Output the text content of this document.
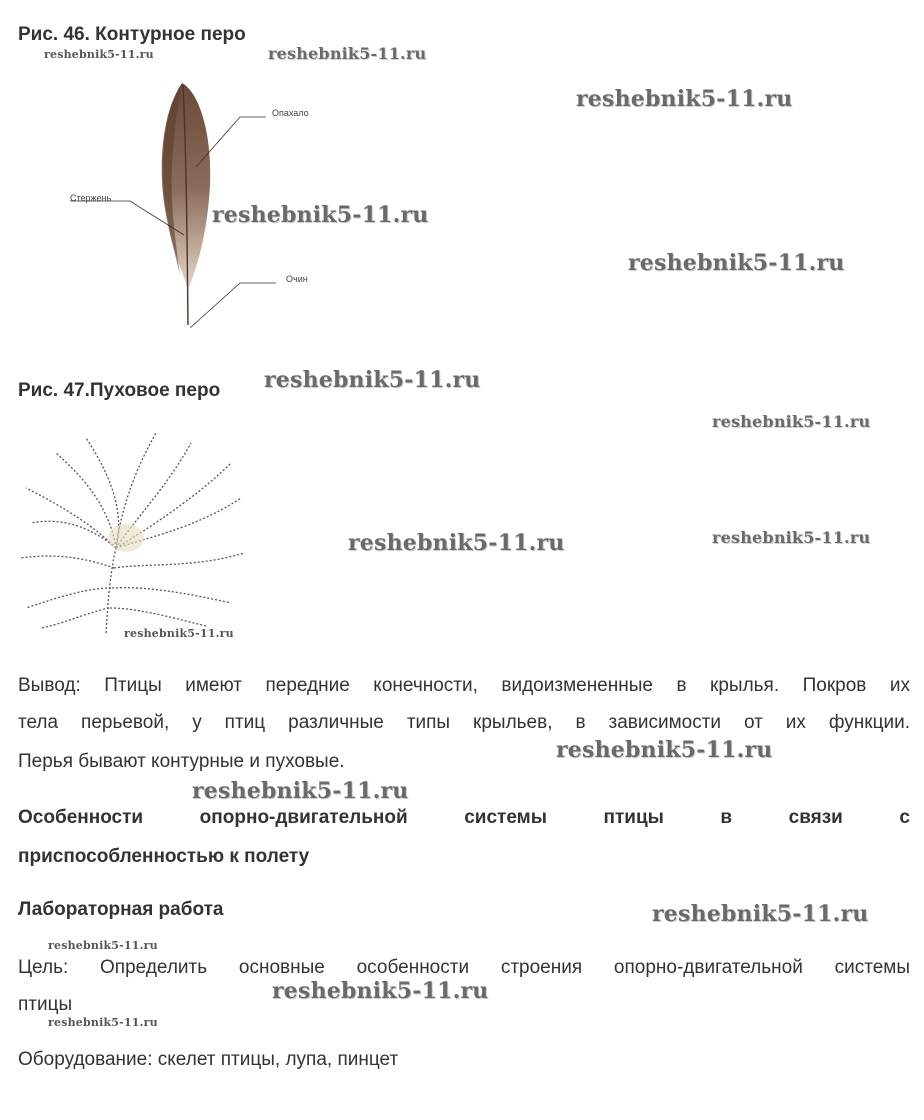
Рис. 46. Контурное перо
Опахало
Стержень
Очин
Рис. 47.Пуховое перо
Вывод: Птицы имеют передние конечности, видоизмененные в крылья. Покров их
тела перьевой, у птиц различные типы крыльев, в зависимости от их функции.
Перья бывают контурные и пуховые.
Особенности опорно-двигательной системы птицы в связи с
приспособленностью к полету
Лабораторная работа
Цель: Определить основные особенности строения опорно-двигательной системы
птицы
Оборудование: скелет птицы, лупа, пинцет
reshebnik5-11.ru	reshebnik5-11.ru
reshebnik5-11.ru
reshebnik5-11.ru
reshebnik5-11.ru
reshebnik5-11.ru
reshebnik5-11.ru
reshebnik5-11.ru	reshebnik5-11.ru
reshebnik5-11.ru
reshebnik5-11.ru
reshebnik5-11.ru
reshebnik5-11.ru
reshebnik5-11.ru
reshebnik5-11.ru
reshebnik5-11.ru
